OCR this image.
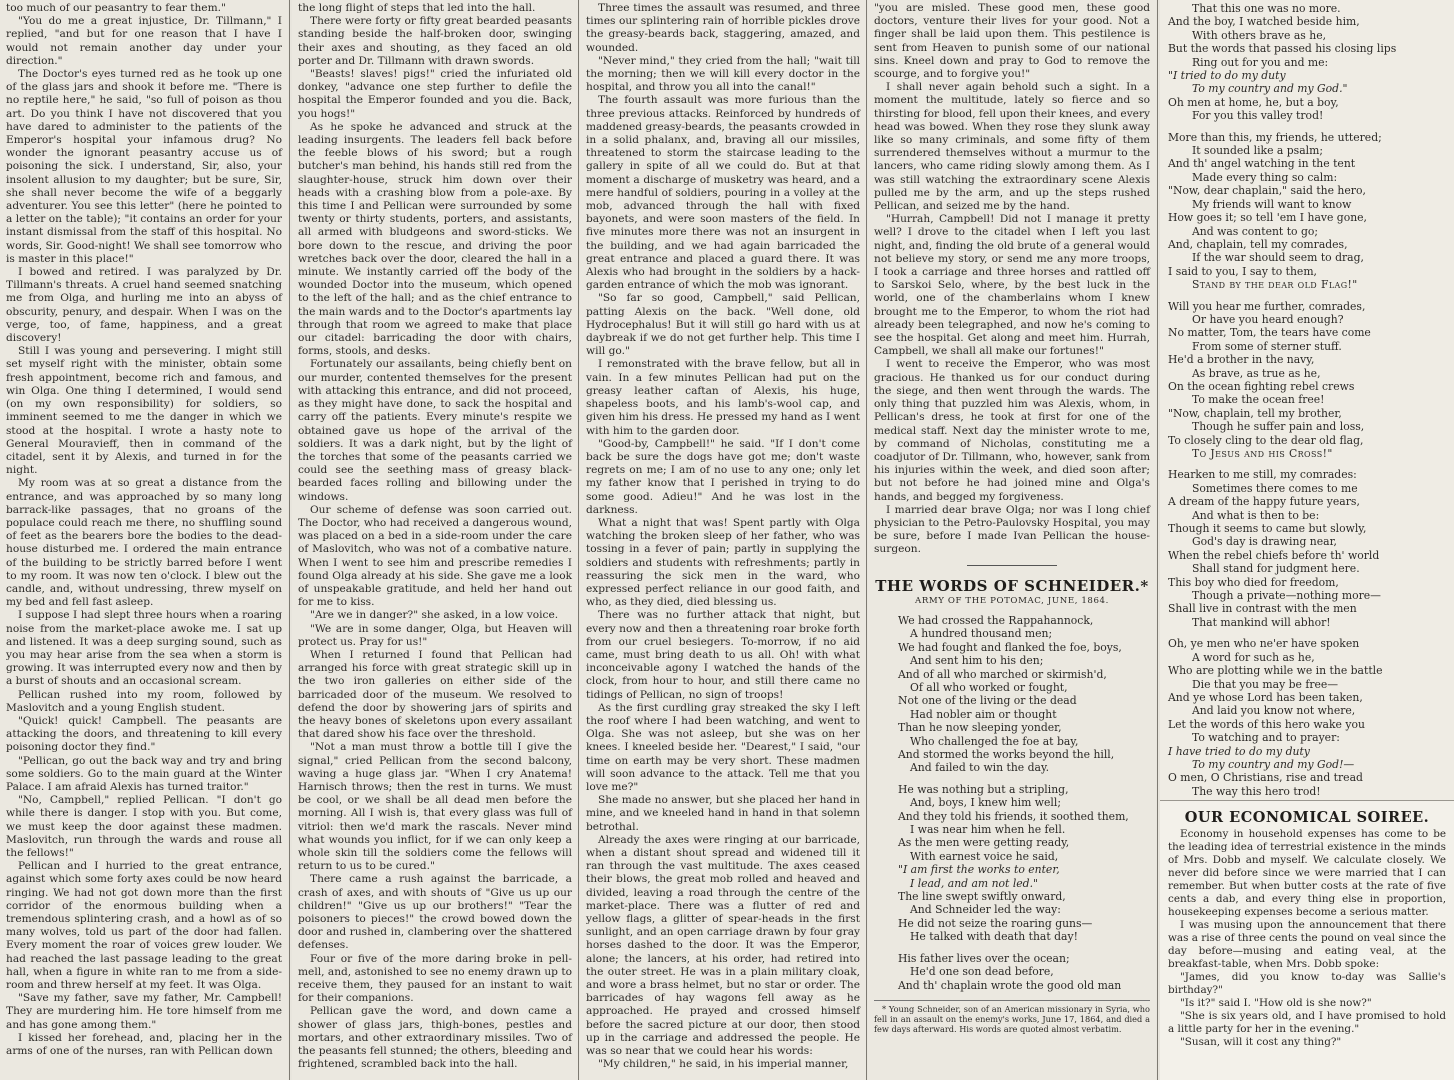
too much of our peasantry to fear them."

"You do me a great injustice, Dr. Tillmann," I replied, "and but for one reason that I have I would not remain another day under your direction."

The Doctor's eyes turned red as he took up one of the glass jars and shook it before me. "There is no reptile here," he said, "so full of poison as thou art. Do you think I have not discovered that you have dared to administer to the patients of the Emperor's hospital your infamous drug? No wonder the ignorant peasantry accuse us of poisoning the sick. I understand, Sir, also, your insolent allusion to my daughter; but be sure, Sir, she shall never become the wife of a beggarly adventurer. You see this letter" (here he pointed to a letter on the table); "it contains an order for your instant dismissal from the staff of this hospital. No words, Sir. Good-night! We shall see tomorrow who is master in this place!"

I bowed and retired. I was paralyzed by Dr. Tillmann's threats. A cruel hand seemed snatching me from Olga, and hurling me into an abyss of obscurity, penury, and despair. When I was on the verge, too, of fame, happiness, and a great discovery!

Still I was young and persevering. I might still set myself right with the minister, obtain some fresh appointment, become rich and famous, and win Olga. One thing I determined, I would send (on my own responsibility) for soldiers, so imminent seemed to me the danger in which we stood at the hospital. I wrote a hasty note to General Mouravieff, then in command of the citadel, sent it by Alexis, and turned in for the night.

My room was at so great a distance from the entrance, and was approached by so many long barrack-like passages, that no groans of the populace could reach me there, no shuffling sound of feet as the bearers bore the bodies to the dead-house disturbed me. I ordered the main entrance of the building to be strictly barred before I went to my room. It was now ten o'clock. I blew out the candle, and, without undressing, threw myself on my bed and fell fast asleep.

I suppose I had slept three hours when a roaring noise from the market-place awoke me. I sat up and listened. It was a deep surging sound, such as you may hear arise from the sea when a storm is growing. It was interrupted every now and then by a burst of shouts and an occasional scream.

Pellican rushed into my room, followed by Maslovitch and a young English student.

"Quick! quick! Campbell. The peasants are attacking the doors, and threatening to kill every poisoning doctor they find."

"Pellican, go out the back way and try and bring some soldiers. Go to the main guard at the Winter Palace. I am afraid Alexis has turned traitor."

"No, Campbell," replied Pellican. "I don't go while there is danger. I stop with you. But come, we must keep the door against these madmen. Maslovitch, run through the wards and rouse all the fellows!"

Pellican and I hurried to the great entrance, against which some forty axes could be now heard ringing. We had not got down more than the first corridor of the enormous building when a tremendous splintering crash, and a howl as of so many wolves, told us part of the door had fallen. Every moment the roar of voices grew louder. We had reached the last passage leading to the great hall, when a figure in white ran to me from a side-room and threw herself at my feet. It was Olga.

"Save my father, save my father, Mr. Campbell! They are murdering him. He tore himself from me and has gone among them."

I kissed her forehead, and, placing her in the arms of one of the nurses, ran with Pellican down

the long flight of steps that led into the hall.

There were forty or fifty great bearded peasants standing beside the half-broken door, swinging their axes and shouting, as they faced an old porter and Dr. Tillmann with drawn swords.

"Beasts! slaves! pigs!" cried the infuriated old donkey, "advance one step further to defile the hospital the Emperor founded and you die. Back, you hogs!"

As he spoke he advanced and struck at the leading insurgents. The leaders fell back before the feeble blows of his sword; but a rough butcher's man behind, his hands still red from the slaughter-house, struck him down over their heads with a crashing blow from a pole-axe. By this time I and Pellican were surrounded by some twenty or thirty students, porters, and assistants, all armed with bludgeons and sword-sticks. We bore down to the rescue, and driving the poor wretches back over the door, cleared the hall in a minute. We instantly carried off the body of the wounded Doctor into the museum, which opened to the left of the hall; and as the chief entrance to the main wards and to the Doctor's apartments lay through that room we agreed to make that place our citadel: barricading the door with chairs, forms, stools, and desks.

Fortunately our assailants, being chiefly bent on our murder, contented themselves for the present with attacking this entrance, and did not proceed, as they might have done, to sack the hospital and carry off the patients. Every minute's respite we obtained gave us hope of the arrival of the soldiers. It was a dark night, but by the light of the torches that some of the peasants carried we could see the seething mass of greasy black-bearded faces rolling and billowing under the windows.

Our scheme of defense was soon carried out. The Doctor, who had received a dangerous wound, was placed on a bed in a side-room under the care of Maslovitch, who was not of a combative nature. When I went to see him and prescribe remedies I found Olga already at his side. She gave me a look of unspeakable gratitude, and held her hand out for me to kiss.

"Are we in danger?" she asked, in a low voice.

"We are in some danger, Olga, but Heaven will protect us. Pray for us!"

When I returned I found that Pellican had arranged his force with great strategic skill up in the two iron galleries on either side of the barricaded door of the museum. We resolved to defend the door by showering jars of spirits and the heavy bones of skeletons upon every assailant that dared show his face over the threshold.

"Not a man must throw a bottle till I give the signal," cried Pellican from the second balcony, waving a huge glass jar. "When I cry Anatema! Harnisch throws; then the rest in turns. We must be cool, or we shall be all dead men before the morning. All I wish is, that every glass was full of vitriol: then we'd mark the rascals. Never mind what wounds you inflict, for if we can only keep a whole skin till the soldiers come the fellows will return to us to be cured."

There came a rush against the barricade, a crash of axes, and with shouts of "Give us up our children!" "Give us up our brothers!" "Tear the poisoners to pieces!" the crowd bowed down the door and rushed in, clambering over the shattered defenses.

Four or five of the more daring broke in pell-mell, and, astonished to see no enemy drawn up to receive them, they paused for an instant to wait for their companions.

Pellican gave the word, and down came a shower of glass jars, thigh-bones, pestles and mortars, and other extraordinary missiles. Two of the peasants fell stunned; the others, bleeding and frightened, scrambled back into the hall.

Three times the assault was resumed, and three times our splintering rain of horrible pickles drove the greasy-beards back, staggering, amazed, and wounded.

"Never mind," they cried from the hall; "wait till the morning; then we will kill every doctor in the hospital, and throw you all into the canal!"

The fourth assault was more furious than the three previous attacks. Reinforced by hundreds of maddened greasy-beards, the peasants crowded in in a solid phalanx, and, braving all our missiles, threatened to storm the staircase leading to the gallery in spite of all we could do. But at that moment a discharge of musketry was heard, and a mere handful of soldiers, pouring in a volley at the mob, advanced through the hall with fixed bayonets, and were soon masters of the field. In five minutes more there was not an insurgent in the building, and we had again barricaded the great entrance and placed a guard there. It was Alexis who had brought in the soldiers by a hack-garden entrance of which the mob was ignorant.

"So far so good, Campbell," said Pellican, patting Alexis on the back. "Well done, old Hydrocephalus! But it will still go hard with us at daybreak if we do not get further help. This time I will go."

I remonstrated with the brave fellow, but all in vain. In a few minutes Pellican had put on the greasy leather caftan of Alexis, his huge, shapeless boots, and his lamb's-wool cap, and given him his dress. He pressed my hand as I went with him to the garden door.

"Good-by, Campbell!" he said. "If I don't come back be sure the dogs have got me; don't waste regrets on me; I am of no use to any one; only let my father know that I perished in trying to do some good. Adieu!" And he was lost in the darkness.

What a night that was! Spent partly with Olga watching the broken sleep of her father, who was tossing in a fever of pain; partly in supplying the soldiers and students with refreshments; partly in reassuring the sick men in the ward, who expressed perfect reliance in our good faith, and who, as they died, died blessing us.

There was no further attack that night, but every now and then a threatening roar broke forth from our cruel besiegers. To-morrow, if no aid came, must bring death to us all. Oh! with what inconceivable agony I watched the hands of the clock, from hour to hour, and still there came no tidings of Pellican, no sign of troops!

As the first curdling gray streaked the sky I left the roof where I had been watching, and went to Olga. She was not asleep, but she was on her knees. I kneeled beside her. "Dearest," I said, "our time on earth may be very short. These madmen will soon advance to the attack. Tell me that you love me?"

She made no answer, but she placed her hand in mine, and we kneeled hand in hand in that solemn betrothal.

Already the axes were ringing at our barricade, when a distant shout spread and widened till it ran through the vast multitude. The axes ceased their blows, the great mob rolled and heaved and divided, leaving a road through the centre of the market-place. There was a flutter of red and yellow flags, a glitter of spear-heads in the first sunlight, and an open carriage drawn by four gray horses dashed to the door. It was the Emperor, alone; the lancers, at his order, had retired into the outer street. He was in a plain military cloak, and wore a brass helmet, but no star or order. The barricades of hay wagons fell away as he approached. He prayed and crossed himself before the sacred picture at our door, then stood up in the carriage and addressed the people. He was so near that we could hear his words:

"My children," he said, in his imperial manner,

"you are misled. These good men, these good doctors, venture their lives for your good. Not a finger shall be laid upon them. This pestilence is sent from Heaven to punish some of our national sins. Kneel down and pray to God to remove the scourge, and to forgive you!"

I shall never again behold such a sight. In a moment the multitude, lately so fierce and so thirsting for blood, fell upon their knees, and every head was bowed. When they rose they slunk away like so many criminals, and some fifty of them surrendered themselves without a murmur to the lancers, who came riding slowly among them. As I was still watching the extraordinary scene Alexis pulled me by the arm, and up the steps rushed Pellican, and seized me by the hand.

"Hurrah, Campbell! Did not I manage it pretty well? I drove to the citadel when I left you last night, and, finding the old brute of a general would not believe my story, or send me any more troops, I took a carriage and three horses and rattled off to Sarskoi Selo, where, by the best luck in the world, one of the chamberlains whom I knew brought me to the Emperor, to whom the riot had already been telegraphed, and now he's coming to see the hospital. Get along and meet him. Hurrah, Campbell, we shall all make our fortunes!"

I went to receive the Emperor, who was most gracious. He thanked us for our conduct during the siege, and then went through the wards. The only thing that puzzled him was Alexis, whom, in Pellican's dress, he took at first for one of the medical staff. Next day the minister wrote to me, by command of Nicholas, constituting me a coadjutor of Dr. Tillmann, who, however, sank from his injuries within the week, and died soon after; but not before he had joined mine and Olga's hands, and begged my forgiveness.

I married dear brave Olga; nor was I long chief physician to the Petro-Paulovsky Hospital, you may be sure, before I made Ivan Pellican the house-surgeon.

THE WORDS OF SCHNEIDER.*
ARMY OF THE POTOMAC, JUNE, 1864.
We had crossed the Rappahannock,
A hundred thousand men;
We had fought and flanked the foe, boys,
And sent him to his den;
And of all who marched or skirmish'd,
Of all who worked or fought,
Not one of the living or the dead
Had nobler aim or thought
Than he now sleeping yonder,
Who challenged the foe at bay,
And stormed the works beyond the hill,
And failed to win the day.
He was nothing but a stripling,
And, boys, I knew him well;
And they told his friends, it soothed them,
I was near him when he fell.
As the men were getting ready,
With earnest voice he said,
"I am first the works to enter,
I lead, and am not led."
The line swept swiftly onward,
And Schneider led the way:
He did not seize the roaring guns—
He talked with death that day!
His father lives over the ocean;
He'd one son dead before,
And th' chaplain wrote the good old man
* Young Schneider, son of an American missionary in Syria, who fell in an assault on the enemy's works, June 17, 1864, and died a few days afterward. His words are quoted almost verbatim.
That this one was no more.
And the boy, I watched beside him,
With others brave as he,
But the words that passed his closing lips
Ring out for you and me:
"I tried to do my duty
To my country and my God."
Oh men at home, he, but a boy,
For you this valley trod!
More than this, my friends, he uttered;
It sounded like a psalm;
And th' angel watching in the tent
Made every thing so calm:
"Now, dear chaplain," said the hero,
My friends will want to know
How goes it; so tell 'em I have gone,
And was content to go;
And, chaplain, tell my comrades,
If the war should seem to drag,
I said to you, I say to them,
Stand by the dear old Flag!"
Will you hear me further, comrades,
Or have you heard enough?
No matter, Tom, the tears have come
From some of sterner stuff.
He'd a brother in the navy,
As brave, as true as he,
On the ocean fighting rebel crews
To make the ocean free!
"Now, chaplain, tell my brother,
Though he suffer pain and loss,
To closely cling to the dear old flag,
To Jesus and his Cross!"
Hearken to me still, my comrades:
Sometimes there comes to me
A dream of the happy future years,
And what is then to be:
Though it seems to came but slowly,
God's day is drawing near,
When the rebel chiefs before th' world
Shall stand for judgment here.
This boy who died for freedom,
Though a private—nothing more—
Shall live in contrast with the men
That mankind will abhor!
Oh, ye men who ne'er have spoken
A word for such as he,
Who are plotting while we in the battle
Die that you may be free—
And ye whose Lord has been taken,
And laid you know not where,
Let the words of this hero wake you
To watching and to prayer:
I have tried to do my duty
To my country and my God!—
O men, O Christians, rise and tread
The way this hero trod!
OUR ECONOMICAL SOIREE.

Economy in household expenses has come to be the leading idea of terrestrial existence in the minds of Mrs. Dobb and myself. We calculate closely. We never did before since we were married that I can remember. But when butter costs at the rate of five cents a dab, and every thing else in proportion, housekeeping expenses become a serious matter.

I was musing upon the announcement that there was a rise of three cents the pound on veal since the day before—musing and eating veal, at the breakfast-table, when Mrs. Dobb spoke:

"James, did you know to-day was Sallie's birthday?"

"Is it?" said I. "How old is she now?"

"She is six years old, and I have promised to hold a little party for her in the evening."

"Susan, will it cost any thing?"
